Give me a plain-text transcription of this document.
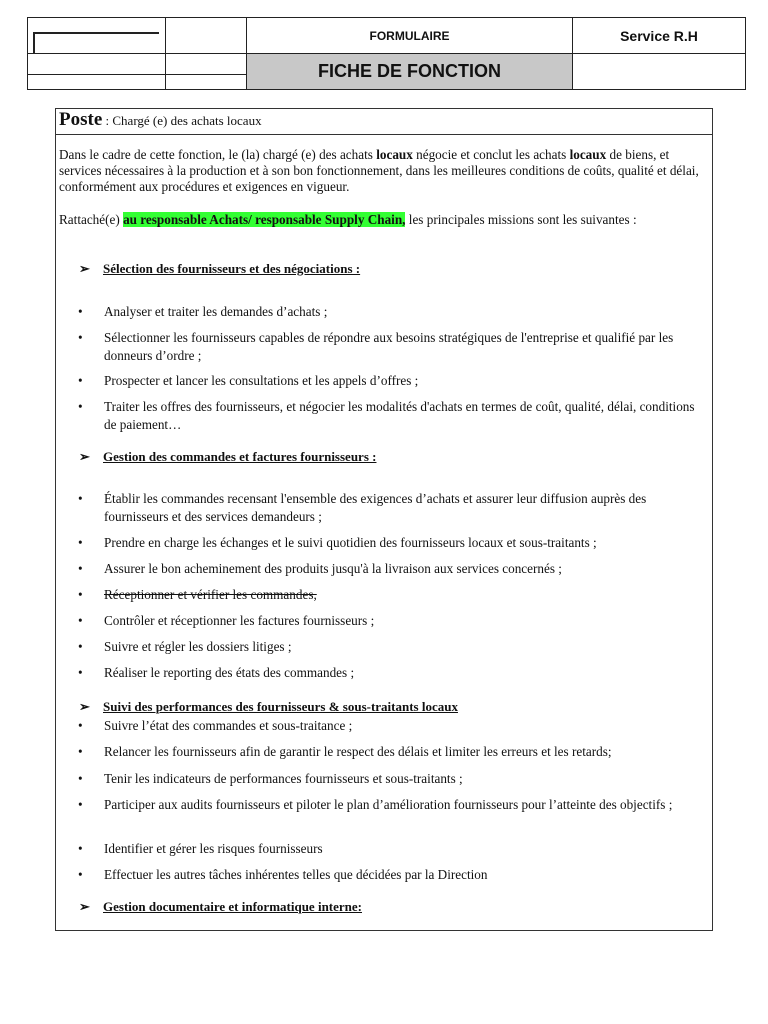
FORMULAIRE	Service R.H
FICHE DE FONCTION
Poste : Chargé (e) des achats locaux
Dans le cadre de cette fonction, le (la) chargé (e) des achats locaux négocie et conclut les achats locaux de biens, et services nécessaires à la production et à son bon fonctionnement, dans les meilleures conditions de coûts, qualité et délai, conformément aux procédures et exigences en vigueur.
Rattaché(e) au responsable Achats/ responsable Supply Chain, les principales missions sont les suivantes :
➢ Sélection des fournisseurs et des négociations :
• Analyser et traiter les demandes d’achats ;
• Sélectionner les fournisseurs capables de répondre aux besoins stratégiques de l'entreprise et qualifié par les donneurs d’ordre ;
• Prospecter et lancer les consultations et les appels d’offres ;
• Traiter les offres des fournisseurs, et négocier les modalités d'achats en termes de coût, qualité, délai, conditions de paiement…
➢ Gestion des commandes et factures fournisseurs :
• Établir les commandes recensant l'ensemble des exigences d’achats et assurer leur diffusion auprès des fournisseurs et des services demandeurs ;
• Prendre en charge les échanges et le suivi quotidien des fournisseurs locaux et sous-traitants ;
• Assurer le bon acheminement des produits jusqu'à la livraison aux services concernés ;
• Réceptionner et vérifier les commandes,
• Contrôler et réceptionner les factures fournisseurs ;
• Suivre et régler les dossiers litiges ;
• Réaliser le reporting des états des commandes ;
➢ Suivi des performances des fournisseurs & sous-traitants locaux
• Suivre l’état des commandes et sous-traitance ;
• Relancer les fournisseurs afin de garantir le respect des délais et limiter les erreurs et les retards;
• Tenir les indicateurs de performances fournisseurs et sous-traitants ;
• Participer aux audits fournisseurs et piloter le plan d’amélioration fournisseurs pour l’atteinte des objectifs ;
• Identifier et gérer les risques fournisseurs
• Effectuer les autres tâches inhérentes telles que décidées par la Direction
➢ Gestion documentaire et informatique interne:
